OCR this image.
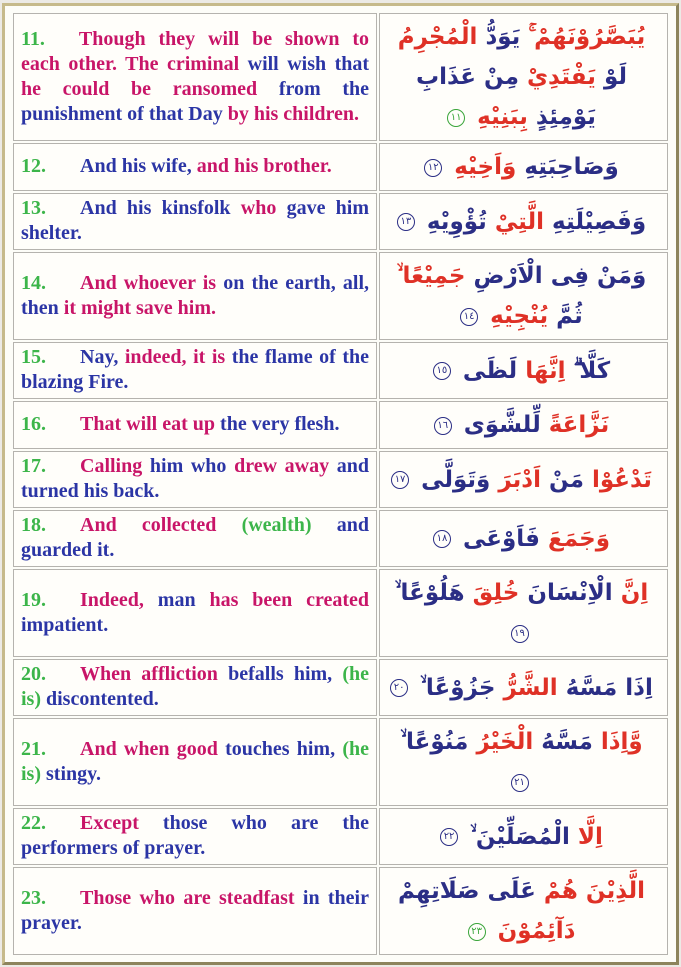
11. Though they will be shown to each other. The criminal will wish that he could be ransomed from the punishment of that Day by his children.	يُبَصَّرُوْنَهُمْ ۚ يَوَدُّ الْمُجْرِمُ لَوْ يَفْتَدِيْ مِنْ عَذَابِ يَوْمِئِذٍ بِبَنِيْهِ ١١
12. And his wife, and his brother.	وَصَاحِبَتِهِ وَاَخِيْهِ ١٢
13. And his kinsfolk who gave him shelter.	وَفَصِيْلَتِهِ الَّتِيْ تُؤْوِيْهِ ١٣
14. And whoever is on the earth, all, then it might save him.	وَمَنْ فِى الْاَرْضِ جَمِيْعًا ۙ ثُمَّ يُنْجِيْهِ ١٤
15. Nay, indeed, it is the flame of the blazing Fire.	كَلَّا ۗ اِنَّهَا لَظَى ١٥
16. That will eat up the very flesh.	نَزَّاعَةً لِّلشَّوَى ١٦
17. Calling him who drew away and turned his back.	تَدْعُوْا مَنْ اَدْبَرَ وَتَوَلَّى ١٧
18. And collected (wealth) and guarded it.	وَجَمَعَ فَاَوْعَى ١٨
19. Indeed, man has been created impatient.	اِنَّ الْاِنْسَانَ خُلِقَ هَلُوْعًا ۙ ١٩
20. When affliction befalls him, (he is) discontented.	اِذَا مَسَّهُ الشَّرُّ جَزُوْعًا ۙ ٢٠
21. And when good touches him, (he is) stingy.	وَّاِذَا مَسَّهُ الْخَيْرُ مَنُوْعًا ۙ ٢١
22. Except those who are the performers of prayer.	اِلَّا الْمُصَلِّيْنَ ۙ ٢٢
23. Those who are steadfast in their prayer.	الَّذِيْنَ هُمْ عَلَى صَلَاتِهِمْ دَآئِمُوْنَ ٢٣
